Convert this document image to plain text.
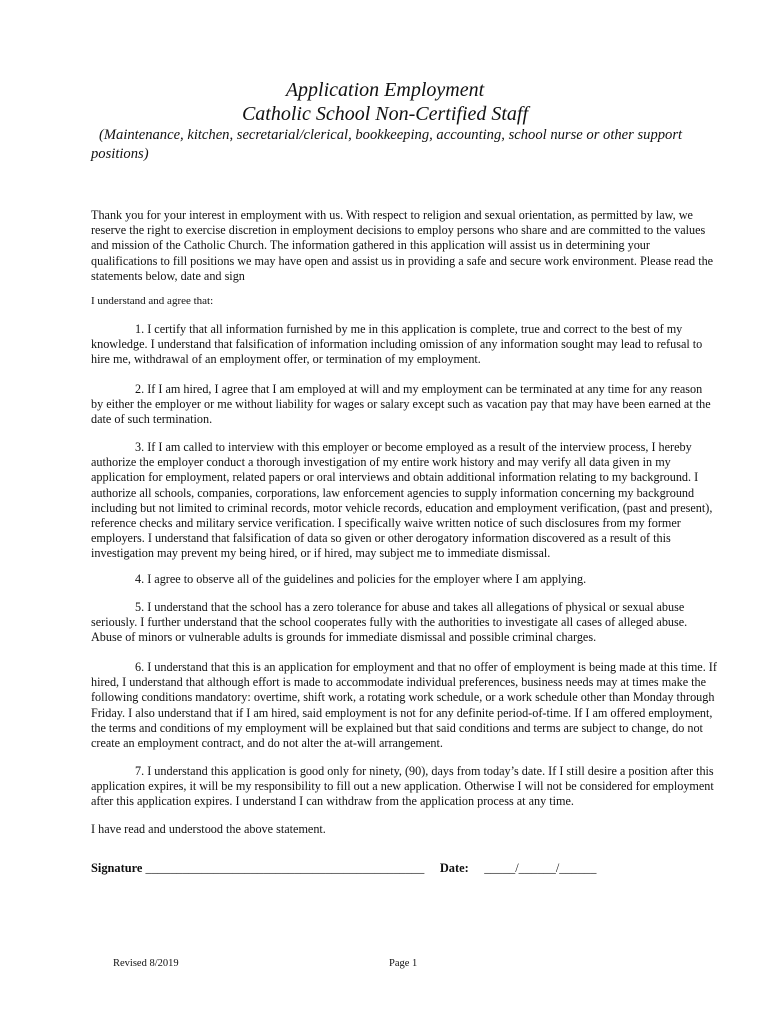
Application Employment
Catholic School Non-Certified Staff
(Maintenance, kitchen, secretarial/clerical, bookkeeping, accounting, school nurse or other support positions)
Thank you for your interest in employment with us. With respect to religion and sexual orientation, as permitted by law, we reserve the right to exercise discretion in employment decisions to employ persons who share and are committed to the values and mission of the Catholic Church. The information gathered in this application will assist us in determining your qualifications to fill positions we may have open and assist us in providing a safe and secure work environment. Please read the statements below, date and sign
I understand and agree that:
1. I certify that all information furnished by me in this application is complete, true and correct to the best of my knowledge. I understand that falsification of information including omission of any information sought may lead to refusal to hire me, withdrawal of an employment offer, or termination of my employment.
2. If I am hired, I agree that I am employed at will and my employment can be terminated at any time for any reason by either the employer or me without liability for wages or salary except such as vacation pay that may have been earned at the date of such termination.
3. If I am called to interview with this employer or become employed as a result of the interview process, I hereby authorize the employer conduct a thorough investigation of my entire work history and may verify all data given in my application for employment, related papers or oral interviews and obtain additional information relating to my background. I authorize all schools, companies, corporations, law enforcement agencies to supply information concerning my background including but not limited to criminal records, motor vehicle records, education and employment verification, (past and present), reference checks and military service verification. I specifically waive written notice of such disclosures from my former employers. I understand that falsification of data so given or other derogatory information discovered as a result of this investigation may prevent my being hired, or if hired, may subject me to immediate dismissal.
4. I agree to observe all of the guidelines and policies for the employer where I am applying.
5. I understand that the school has a zero tolerance for abuse and takes all allegations of physical or sexual abuse seriously. I further understand that the school cooperates fully with the authorities to investigate all cases of alleged abuse. Abuse of minors or vulnerable adults is grounds for immediate dismissal and possible criminal charges.
6. I understand that this is an application for employment and that no offer of employment is being made at this time. If hired, I understand that although effort is made to accommodate individual preferences, business needs may at times make the following conditions mandatory: overtime, shift work, a rotating work schedule, or a work schedule other than Monday through Friday. I also understand that if I am hired, said employment is not for any definite period-of-time. If I am offered employment, the terms and conditions of my employment will be explained but that said conditions and terms are subject to change, do not create an employment contract, and do not alter the at-will arrangement.
7. I understand this application is good only for ninety, (90), days from today’s date. If I still desire a position after this application expires, it will be my responsibility to fill out a new application. Otherwise I will not be considered for employment after this application expires. I understand I can withdraw from the application process at any time.
I have read and understood the above statement.
Signature _____________________________________________ Date: _____/______/______
Revised 8/2019	Page 1
